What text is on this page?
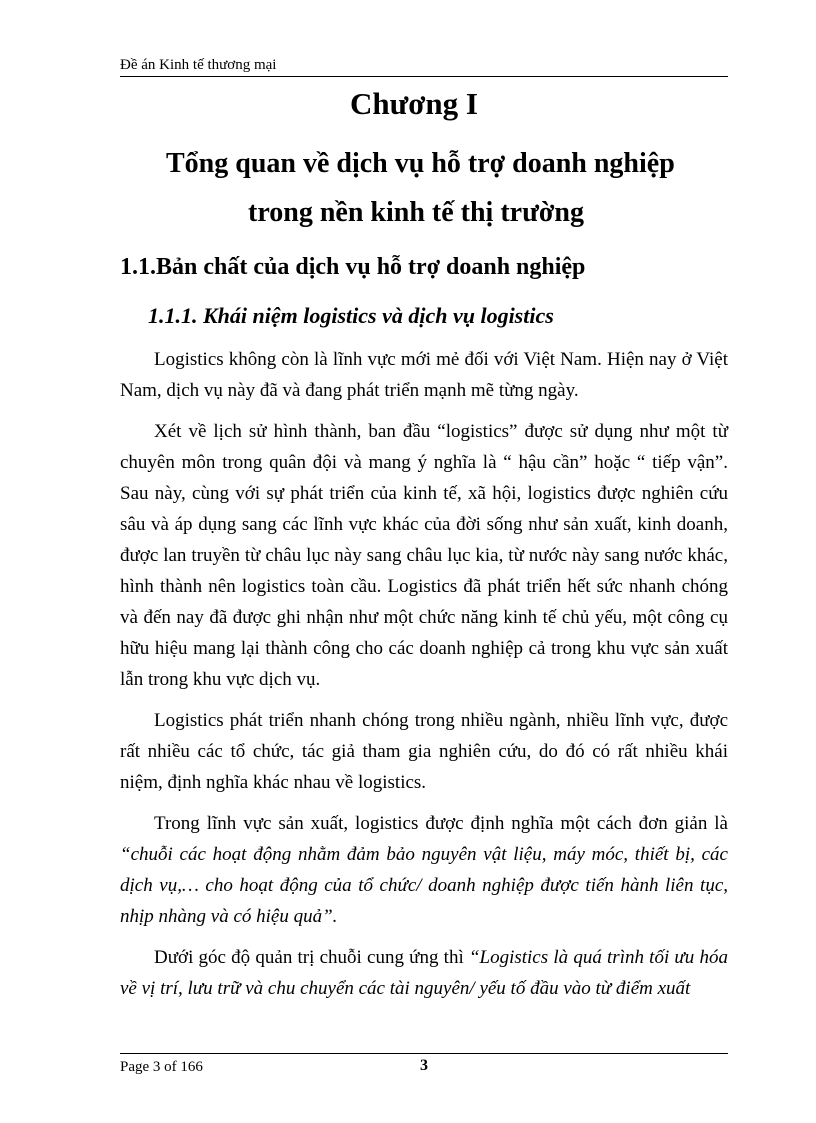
Đề án Kinh tế thương mại
Chương I
Tổng quan về dịch vụ hỗ trợ doanh nghiệp
trong nền kinh tế thị trường
1.1.Bản chất của dịch vụ hỗ trợ doanh nghiệp
1.1.1. Khái niệm logistics và dịch vụ logistics

Logistics không còn là lĩnh vực mới mẻ đối với Việt Nam. Hiện nay ở Việt Nam, dịch vụ này đã và đang phát triển mạnh mẽ từng ngày.

Xét về lịch sử hình thành, ban đầu “logistics” được sử dụng như một từ chuyên môn trong quân đội và mang ý nghĩa là “ hậu cần” hoặc “ tiếp vận”. Sau này, cùng với sự phát triển của kinh tế, xã hội, logistics được nghiên cứu sâu và áp dụng sang các lĩnh vực khác của đời sống như sản xuất, kinh doanh, được lan truyền từ châu lục này sang châu lục kia, từ nước này sang nước khác, hình thành nên logistics toàn cầu. Logistics đã phát triển hết sức nhanh chóng và đến nay đã được ghi nhận như một chức năng kinh tế chủ yếu, một công cụ hữu hiệu mang lại thành công cho các doanh nghiệp cả trong khu vực sản xuất lẫn trong khu vực dịch vụ.

Logistics phát triển nhanh chóng trong nhiều ngành, nhiều lĩnh vực, được rất nhiều các tổ chức, tác giả tham gia nghiên cứu, do đó có rất nhiều khái niệm, định nghĩa khác nhau về logistics.

Trong lĩnh vực sản xuất, logistics được định nghĩa một cách đơn giản là “chuỗi các hoạt động nhằm đảm bảo nguyên vật liệu, máy móc, thiết bị, các dịch vụ,… cho hoạt động của tổ chức/ doanh nghiệp được tiến hành liên tục, nhịp nhàng và có hiệu quả”.

Dưới góc độ quản trị chuỗi cung ứng thì “Logistics là quá trình tối ưu hóa về vị trí, lưu trữ và chu chuyển các tài nguyên/ yếu tố đầu vào từ điểm xuất

Page 3 of 166	3
